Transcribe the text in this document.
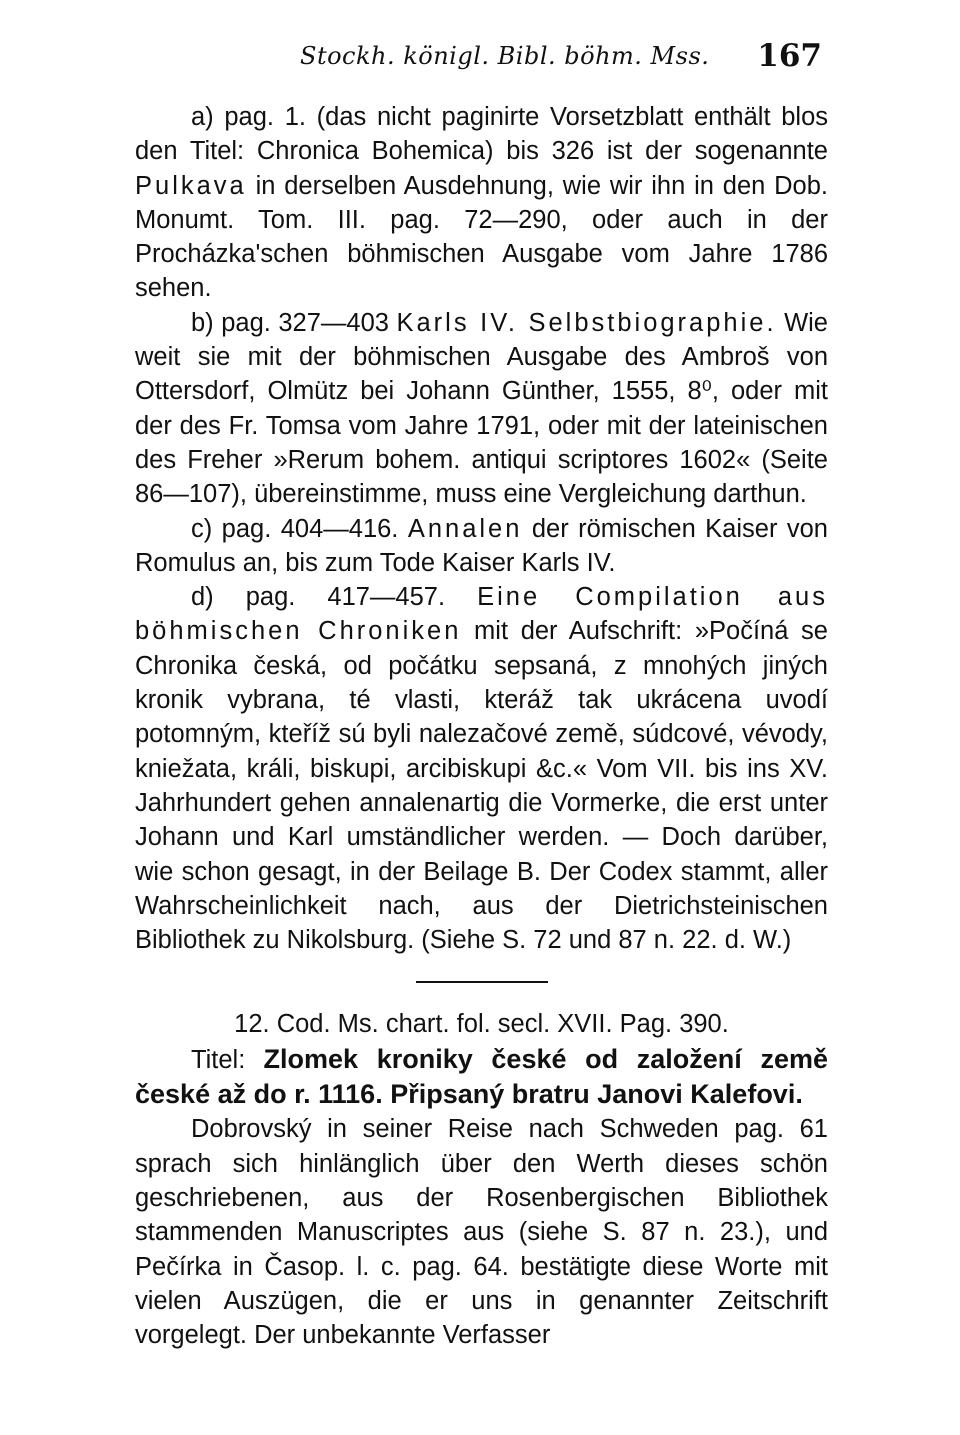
Stockh. königl. Bibl. böhm. Mss. 167

a) pag. 1. (das nicht paginirte Vorsetzblatt enthält blos den Titel: Chronica Bohemica) bis 326 ist der sogenannte Pulkava in derselben Ausdehnung, wie wir ihn in den Dob. Monumt. Tom. III. pag. 72—290, oder auch in der Procházka'schen böhmischen Ausgabe vom Jahre 1786 sehen.

b) pag. 327—403 Karls IV. Selbstbiographie. Wie weit sie mit der böhmischen Ausgabe des Ambroš von Ottersdorf, Olmütz bei Johann Günther, 1555, 8⁰, oder mit der des Fr. Tomsa vom Jahre 1791, oder mit der lateinischen des Freher »Rerum bohem. antiqui scriptores 1602« (Seite 86—107), übereinstimme, muss eine Vergleichung darthun.

c) pag. 404—416. Annalen der römischen Kaiser von Romulus an, bis zum Tode Kaiser Karls IV.

d) pag. 417—457. Eine Compilation aus böhmischen Chroniken mit der Aufschrift: »Počíná se Chronika česká, od počátku sepsaná, z mnohých jiných kronik vybrana, té vlasti, kteráž tak ukrácena uvodí potomným, kteříž sú byli nalezačové země, súdcové, vévody, kniežata, králi, biskupi, arcibiskupi &c.« Vom VII. bis ins XV. Jahrhundert gehen annalenartig die Vormerke, die erst unter Johann und Karl umständlicher werden. — Doch darüber, wie schon gesagt, in der Beilage B. Der Codex stammt, aller Wahrscheinlichkeit nach, aus der Dietrichsteinischen Bibliothek zu Nikolsburg. (Siehe S. 72 und 87 n. 22. d. W.)

12. Cod. Ms. chart. fol. secl. XVII. Pag. 390.

Titel: Zlomek kroniky české od založení země české až do r. 1116. Připsaný bratru Janovi Kalefovi.

Dobrovský in seiner Reise nach Schweden pag. 61 sprach sich hinlänglich über den Werth dieses schön geschriebenen, aus der Rosenbergischen Bibliothek stammenden Manuscriptes aus (siehe S. 87 n. 23.), und Pečírka in Časop. l. c. pag. 64. bestätigte diese Worte mit vielen Auszügen, die er uns in genannter Zeitschrift vorgelegt. Der unbekannte Verfasser
